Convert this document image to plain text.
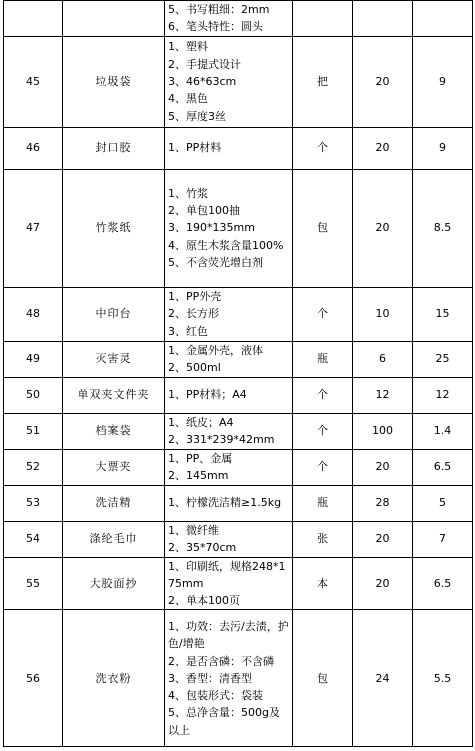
		5、书写粗细：2mm
6、笔头特性：圆头			

45	垃圾袋	1、塑料
2、手提式设计
3、46*63cm
4、黑色
5、厚度3丝	把	20	9
46	封口胶	1、PP材料	个	20	9
47	竹浆纸	1、竹浆
2、单包100抽
3、190*135mm
4、原生木浆含量100%
5、不含荧光增白剂	包	20	8.5
48	中印台	1、PP外壳
2、长方形
3、红色	个	10	15
49	灭害灵	1、金属外壳，液体
2、500ml	瓶	6	25
50	单双夹文件夹	1、PP材料；A4	个	12	12
51	档案袋	1、纸皮；A4
2、331*239*42mm	个	100	1.4
52	大票夹	1、PP、金属
2、145mm	个	20	6.5
53	洗洁精	1、柠檬洗洁精≥1.5kg	瓶	28	5
54	涤纶毛巾	1、微纤维
2、35*70cm	张	20	7
55	大胶面抄	1、印刷纸，规格248*175mm
2、单本100页	本	20	6.5
56	洗衣粉	1、功效：去污/去渍，护色/增艳
2、是否含磷：不含磷
3、香型：清香型
4、包装形式：袋装
5、总净含量：500g及以上	包	24	5.5
